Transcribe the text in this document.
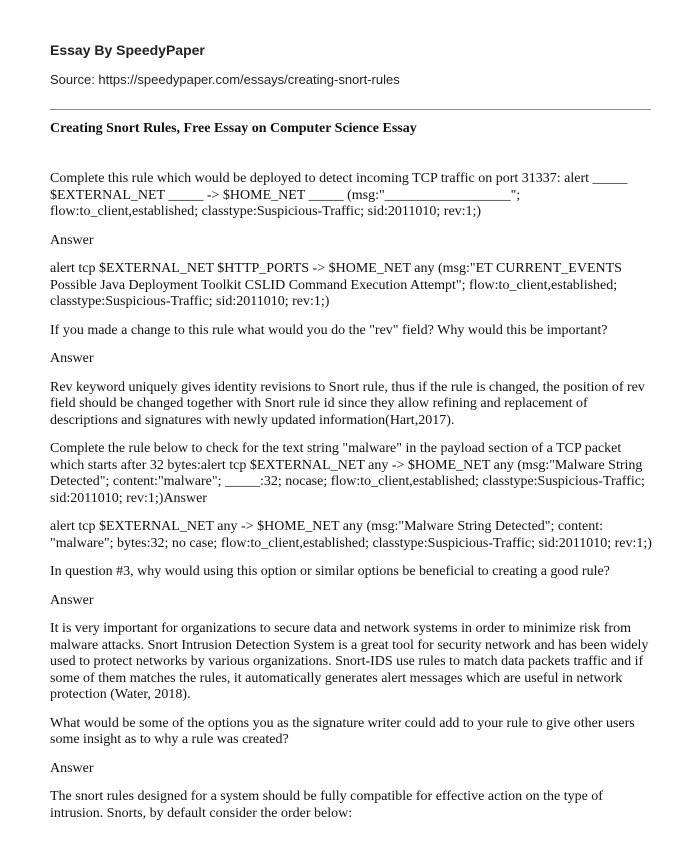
Essay By SpeedyPaper
Source: https://speedypaper.com/essays/creating-snort-rules
Creating Snort Rules, Free Essay on Computer Science Essay

Complete this rule which would be deployed to detect incoming TCP traffic on port 31337: alert _____ $EXTERNAL_NET _____ -> $HOME_NET _____ (msg:"__________________"; flow:to_client,established; classtype:Suspicious-Traffic; sid:2011010; rev:1;)

Answer

alert tcp $EXTERNAL_NET $HTTP_PORTS -> $HOME_NET any (msg:"ET CURRENT_EVENTS Possible Java Deployment Toolkit CSLID Command Execution Attempt"; flow:to_client,established; classtype:Suspicious-Traffic; sid:2011010; rev:1;)

If you made a change to this rule what would you do the "rev" field? Why would this be important?

Answer

Rev keyword uniquely gives identity revisions to Snort rule, thus if the rule is changed, the position of rev field should be changed together with Snort rule id since they allow refining and replacement of descriptions and signatures with newly updated information(Hart,2017).

Complete the rule below to check for the text string "malware" in the payload section of a TCP packet which starts after 32 bytes:alert tcp $EXTERNAL_NET any -> $HOME_NET any (msg:"Malware String Detected"; content:"malware"; _____:32; nocase; flow:to_client,established; classtype:Suspicious-Traffic; sid:2011010; rev:1;)Answer

alert tcp $EXTERNAL_NET any -> $HOME_NET any (msg:"Malware String Detected"; content: "malware"; bytes:32; no case; flow:to_client,established; classtype:Suspicious-Traffic; sid:2011010; rev:1;)

In question #3, why would using this option or similar options be beneficial to creating a good rule?

Answer

It is very important for organizations to secure data and network systems in order to minimize risk from malware attacks. Snort Intrusion Detection System is a great tool for security network and has been widely used to protect networks by various organizations. Snort-IDS use rules to match data packets traffic and if some of them matches the rules, it automatically generates alert messages which are useful in network protection (Water, 2018).

What would be some of the options you as the signature writer could add to your rule to give other users some insight as to why a rule was created?

Answer

The snort rules designed for a system should be fully compatible for effective action on the type of intrusion. Snorts, by default consider the order below:
